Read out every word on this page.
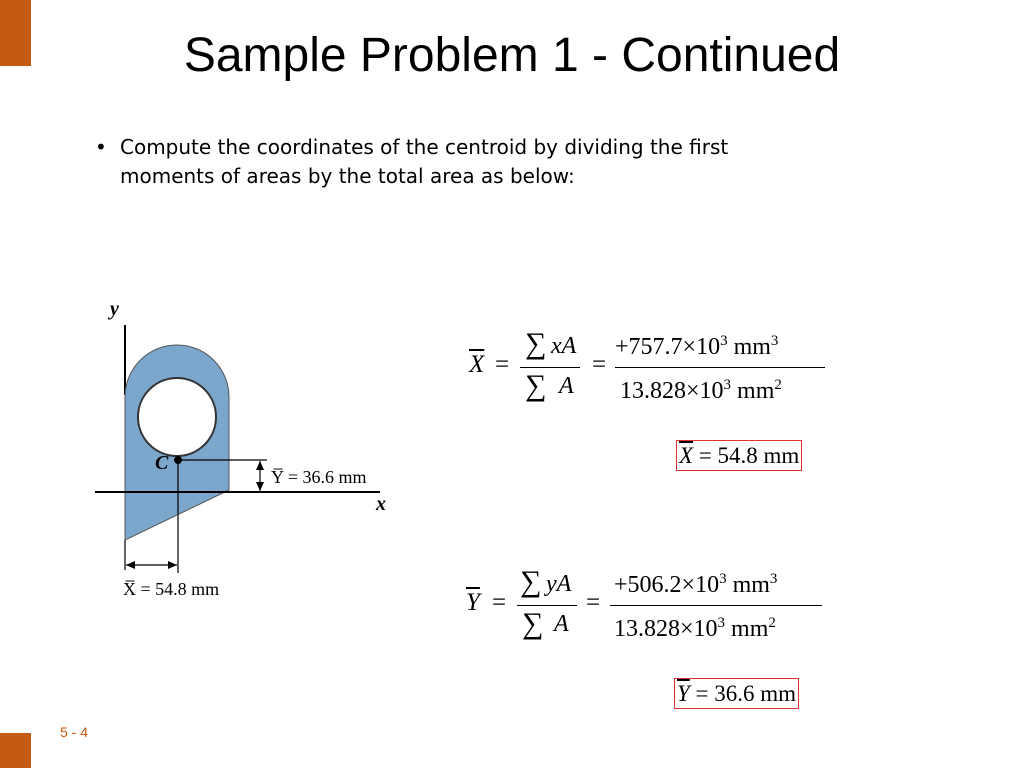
Sample Problem 1 - Continued
• Compute the coordinates of the centroid by dividing the first moments of areas by the total area as below:
y
x
C
Y̅ = 36.6 mm
X̅ = 54.8 mm
$\overline{X}$ =
∑ xA
∑ A
=
$+757.7\times 10^3$ $mm^3$
$13.828\times 10^3$ $mm^2$
$\overline{X} = 54.8$ mm
$\overline{Y}$ =
∑ yA
∑ A
=
$+506.2\times 10^3$ $mm^3$
$13.828\times 10^3$ $mm^2$
$\overline{Y} = 36.6$ mm
5 - 4
